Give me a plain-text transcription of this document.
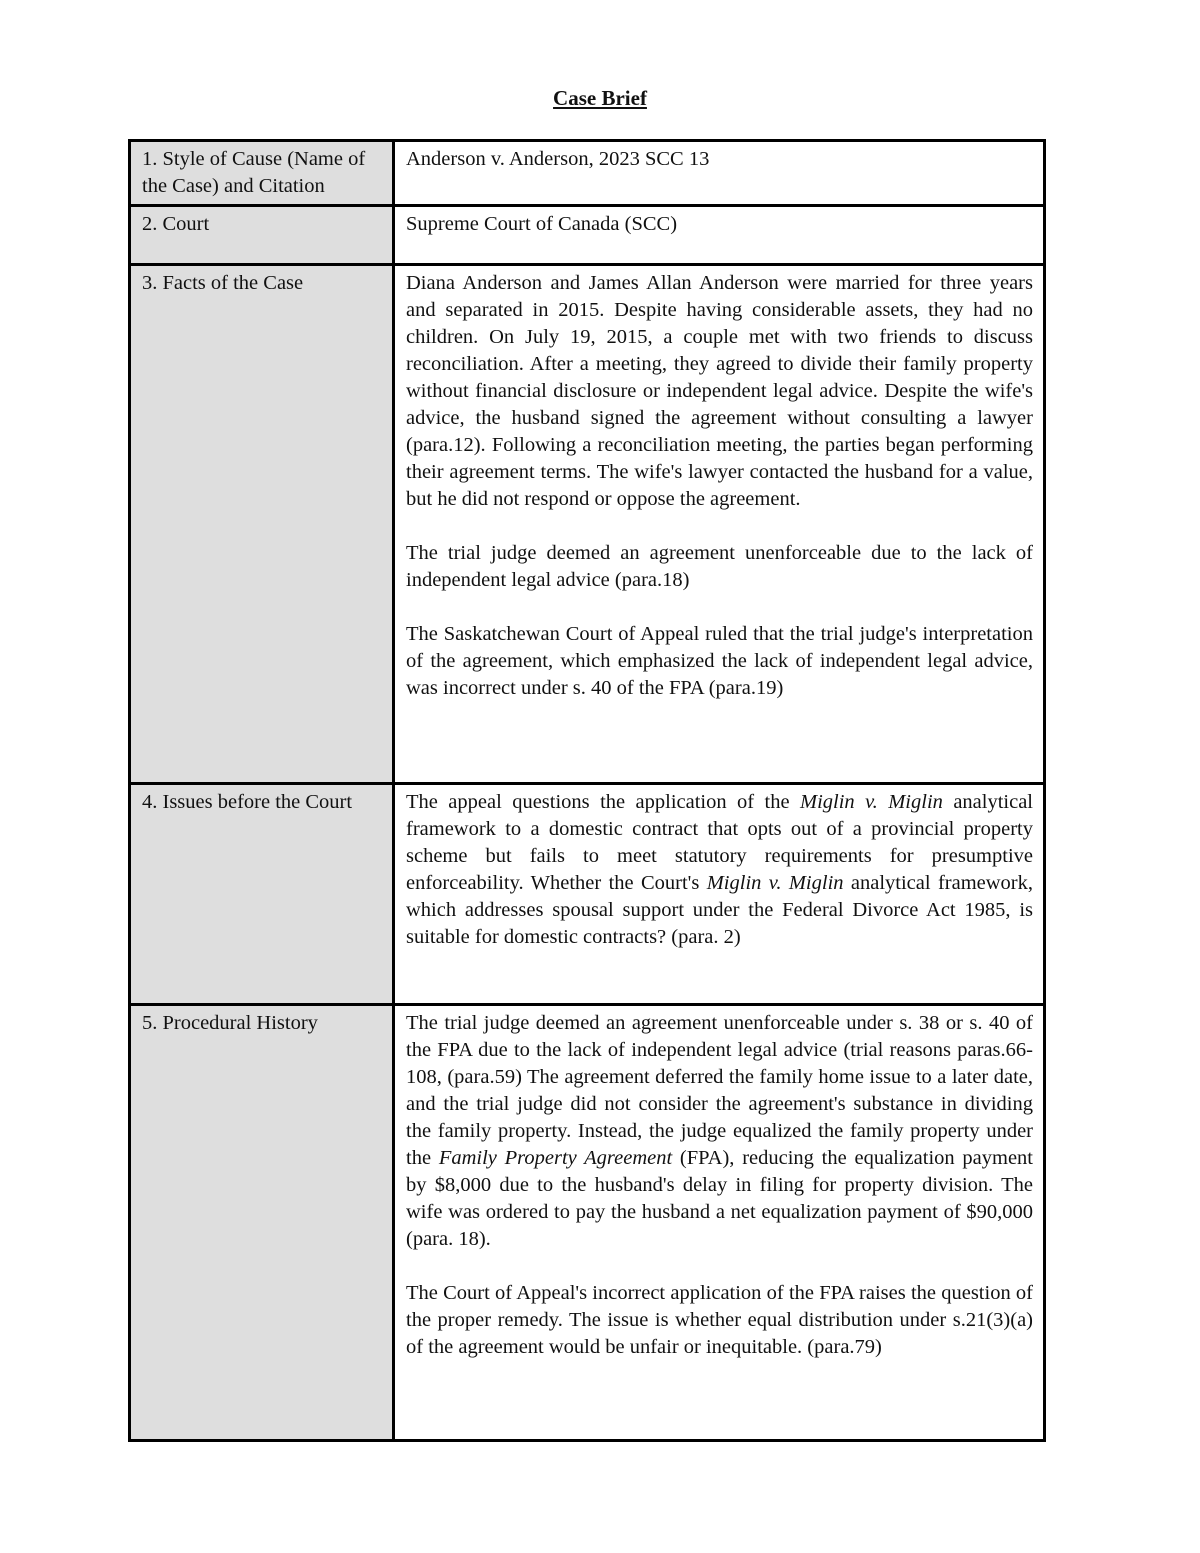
Case Brief
1. Style of Cause (Name of the Case) and Citation	Anderson v. Anderson, 2023 SCC 13

2. Court	Supreme Court of Canada (SCC)

3. Facts of the Case	Diana Anderson and James Allan Anderson were married for three years and separated in 2015. Despite having considerable assets, they had no children. On July 19, 2015, a couple met with two friends to discuss reconciliation. After a meeting, they agreed to divide their family property without financial disclosure or independent legal advice. Despite the wife's advice, the husband signed the agreement without consulting a lawyer (para.12). Following a reconciliation meeting, the parties began performing their agreement terms. The wife's lawyer contacted the husband for a value, but he did not respond or oppose the agreement.

The trial judge deemed an agreement unenforceable due to the lack of independent legal advice (para.18)

The Saskatchewan Court of Appeal ruled that the trial judge's interpretation of the agreement, which emphasized the lack of independent legal advice, was incorrect under s. 40 of the FPA (para.19)

4. Issues before the Court	The appeal questions the application of the Miglin v. Miglin analytical framework to a domestic contract that opts out of a provincial property scheme but fails to meet statutory requirements for presumptive enforceability. Whether the Court's Miglin v. Miglin analytical framework, which addresses spousal support under the Federal Divorce Act 1985, is suitable for domestic contracts? (para. 2)

5. Procedural History	The trial judge deemed an agreement unenforceable under s. 38 or s. 40 of the FPA due to the lack of independent legal advice (trial reasons paras.66-108, (para.59) The agreement deferred the family home issue to a later date, and the trial judge did not consider the agreement's substance in dividing the family property. Instead, the judge equalized the family property under the Family Property Agreement (FPA), reducing the equalization payment by $8,000 due to the husband's delay in filing for property division. The wife was ordered to pay the husband a net equalization payment of $90,000 (para. 18).

The Court of Appeal's incorrect application of the FPA raises the question of the proper remedy. The issue is whether equal distribution under s.21(3)(a) of the agreement would be unfair or inequitable. (para.79)
